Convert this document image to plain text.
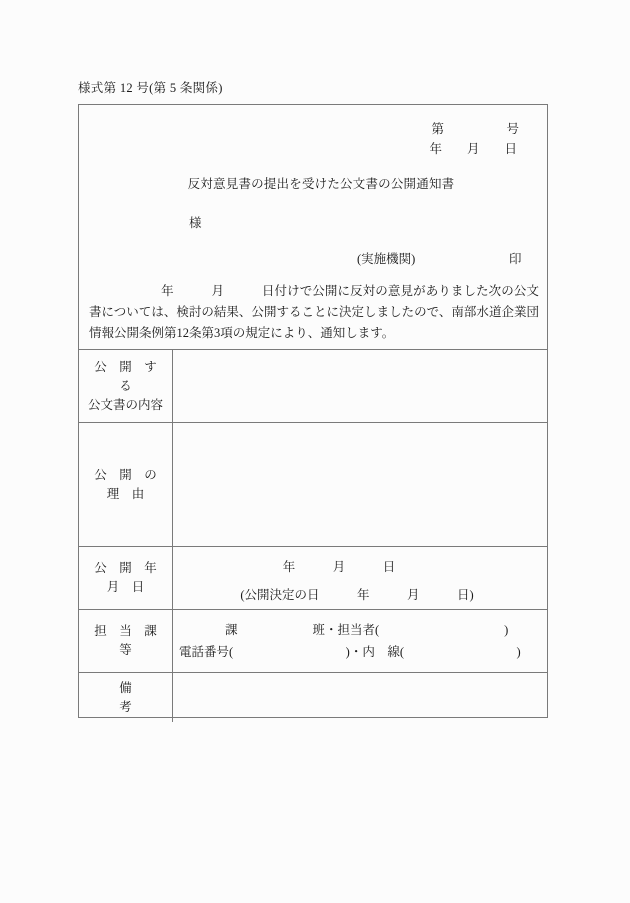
様式第 12 号(第 5 条関係)
第　　　　　号
年　　月　　日
反対意見書の提出を受けた公文書の公開通知書
様
(実施機関)	印
年　　　月　　　日付けで公開に反対の意見がありました次の公文書については、検討の結果、公開することに決定しましたので、南部水道企業団情報公開条例第12条第3項の規定により、通知します。
公　開　す　る
公文書の内容
公　開　の　理　由
公　開　年　月　日
年　　　月　　　日
(公開決定の日　　　年　　　月　　　日)
担　当　課　等
課　　　　　　班・担当者(　　　　　　　　　　)
電話番号(　　　　　　　　　)・内　線(　　　　　　　　　)
備　　　　　考
